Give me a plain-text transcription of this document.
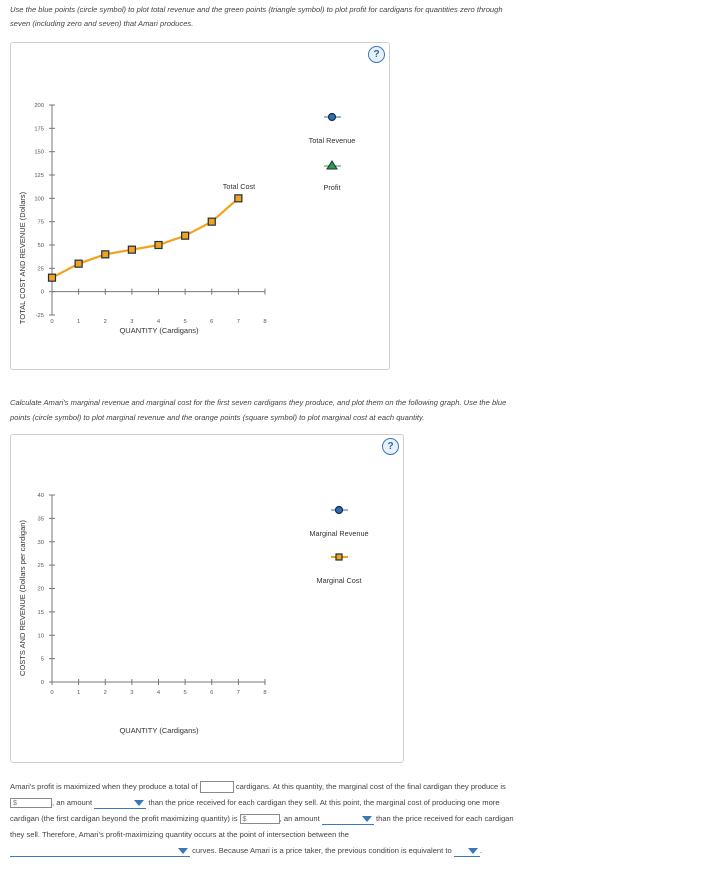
Use the blue points (circle symbol) to plot total revenue and the green points (triangle symbol) to plot profit for cardigans for quantities zero through
seven (including zero and seven) that Amari produces.
?
TOTAL COST AND REVENUE (Dollars) -25
0
25
50
75
100
125
150
175
200
0	1	2	3	4	5	6	7	8
QUANTITY (Cardigans)
Total Cost
Total Revenue
Profit
Calculate Amari's marginal revenue and marginal cost for the first seven cardigans they produce, and plot them on the following graph. Use the blue
points (circle symbol) to plot marginal revenue and the orange points (square symbol) to plot marginal cost at each quantity.
?
COSTS AND REVENUE (Dollars per cardigan)
0
5
10
15
20
25
30
35
40
0	1	2	3	4	5	6	7	8
QUANTITY (Cardigans)
Marginal Revenue
Marginal Cost
Amari's profit is maximized when they produce a total of	cardigans. At this quantity, the marginal cost of the final cardigan they produce is
$	, an amount	than the price received for each cardigan they sell. At this point, the marginal cost of producing one more
cardigan (the first cardigan beyond the profit maximizing quantity) is $	, an amount	than the price received for each cardigan
they sell. Therefore, Amari's profit-maximizing quantity occurs at the point of intersection between the
curves. Because Amari is a price taker, the previous condition is equivalent to	.
